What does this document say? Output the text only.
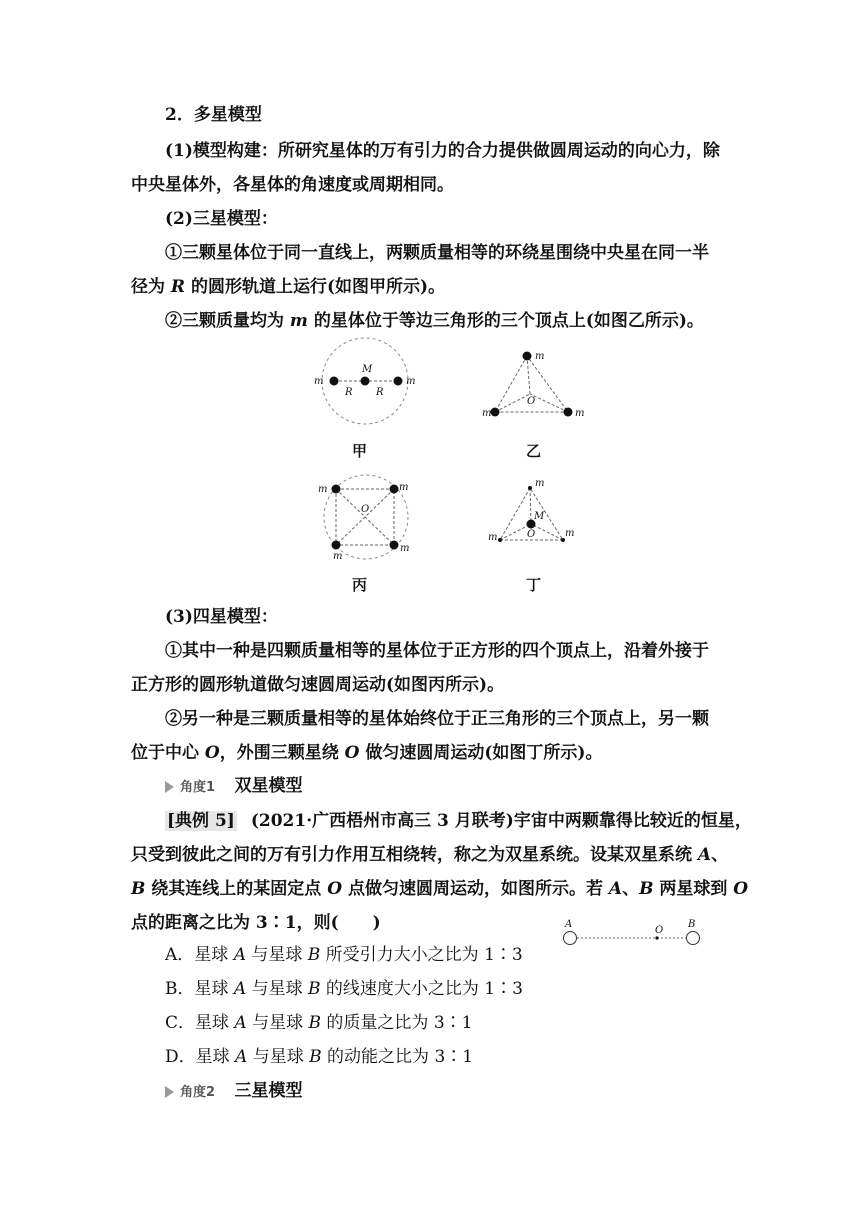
2．多星模型
(1)模型构建：所研究星体的万有引力的合力提供做圆周运动的向心力，除
中央星体外，各星体的角速度或周期相同。
(2)三星模型：
①三颗星体位于同一直线上，两颗质量相等的环绕星围绕中央星在同一半
径为 R 的圆形轨道上运行(如图甲所示)。
②三颗质量均为 m 的星体位于等边三角形的三个顶点上(如图乙所示)。
m	m
M
R R
甲
m
m	m
O
乙
m	m
m
m
O
丙
m
m	m
M
O
丁
(3)四星模型：
①其中一种是四颗质量相等的星体位于正方形的四个顶点上，沿着外接于
正方形的圆形轨道做匀速圆周运动(如图丙所示)。
②另一种是三颗质量相等的星体始终位于正三角形的三个顶点上，另一颗
位于中心 O，外围三颗星绕 O 做匀速圆周运动(如图丁所示)。
角度1 双星模型
[典例 5] (2021·广西梧州市高三 3 月联考)宇宙中两颗靠得比较近的恒星，
只受到彼此之间的万有引力作用互相绕转，称之为双星系统。设某双星系统 A、
B 绕其连线上的某固定点 O 点做匀速圆周运动，如图所示。若 A、B 两星球到 O
点的距离之比为 3∶1，则(　　)	A
O
B
A．星球 A 与星球 B 所受引力大小之比为 1∶3
B．星球 A 与星球 B 的线速度大小之比为 1∶3
C．星球 A 与星球 B 的质量之比为 3∶1
D．星球 A 与星球 B 的动能之比为 3∶1
角度2 三星模型
